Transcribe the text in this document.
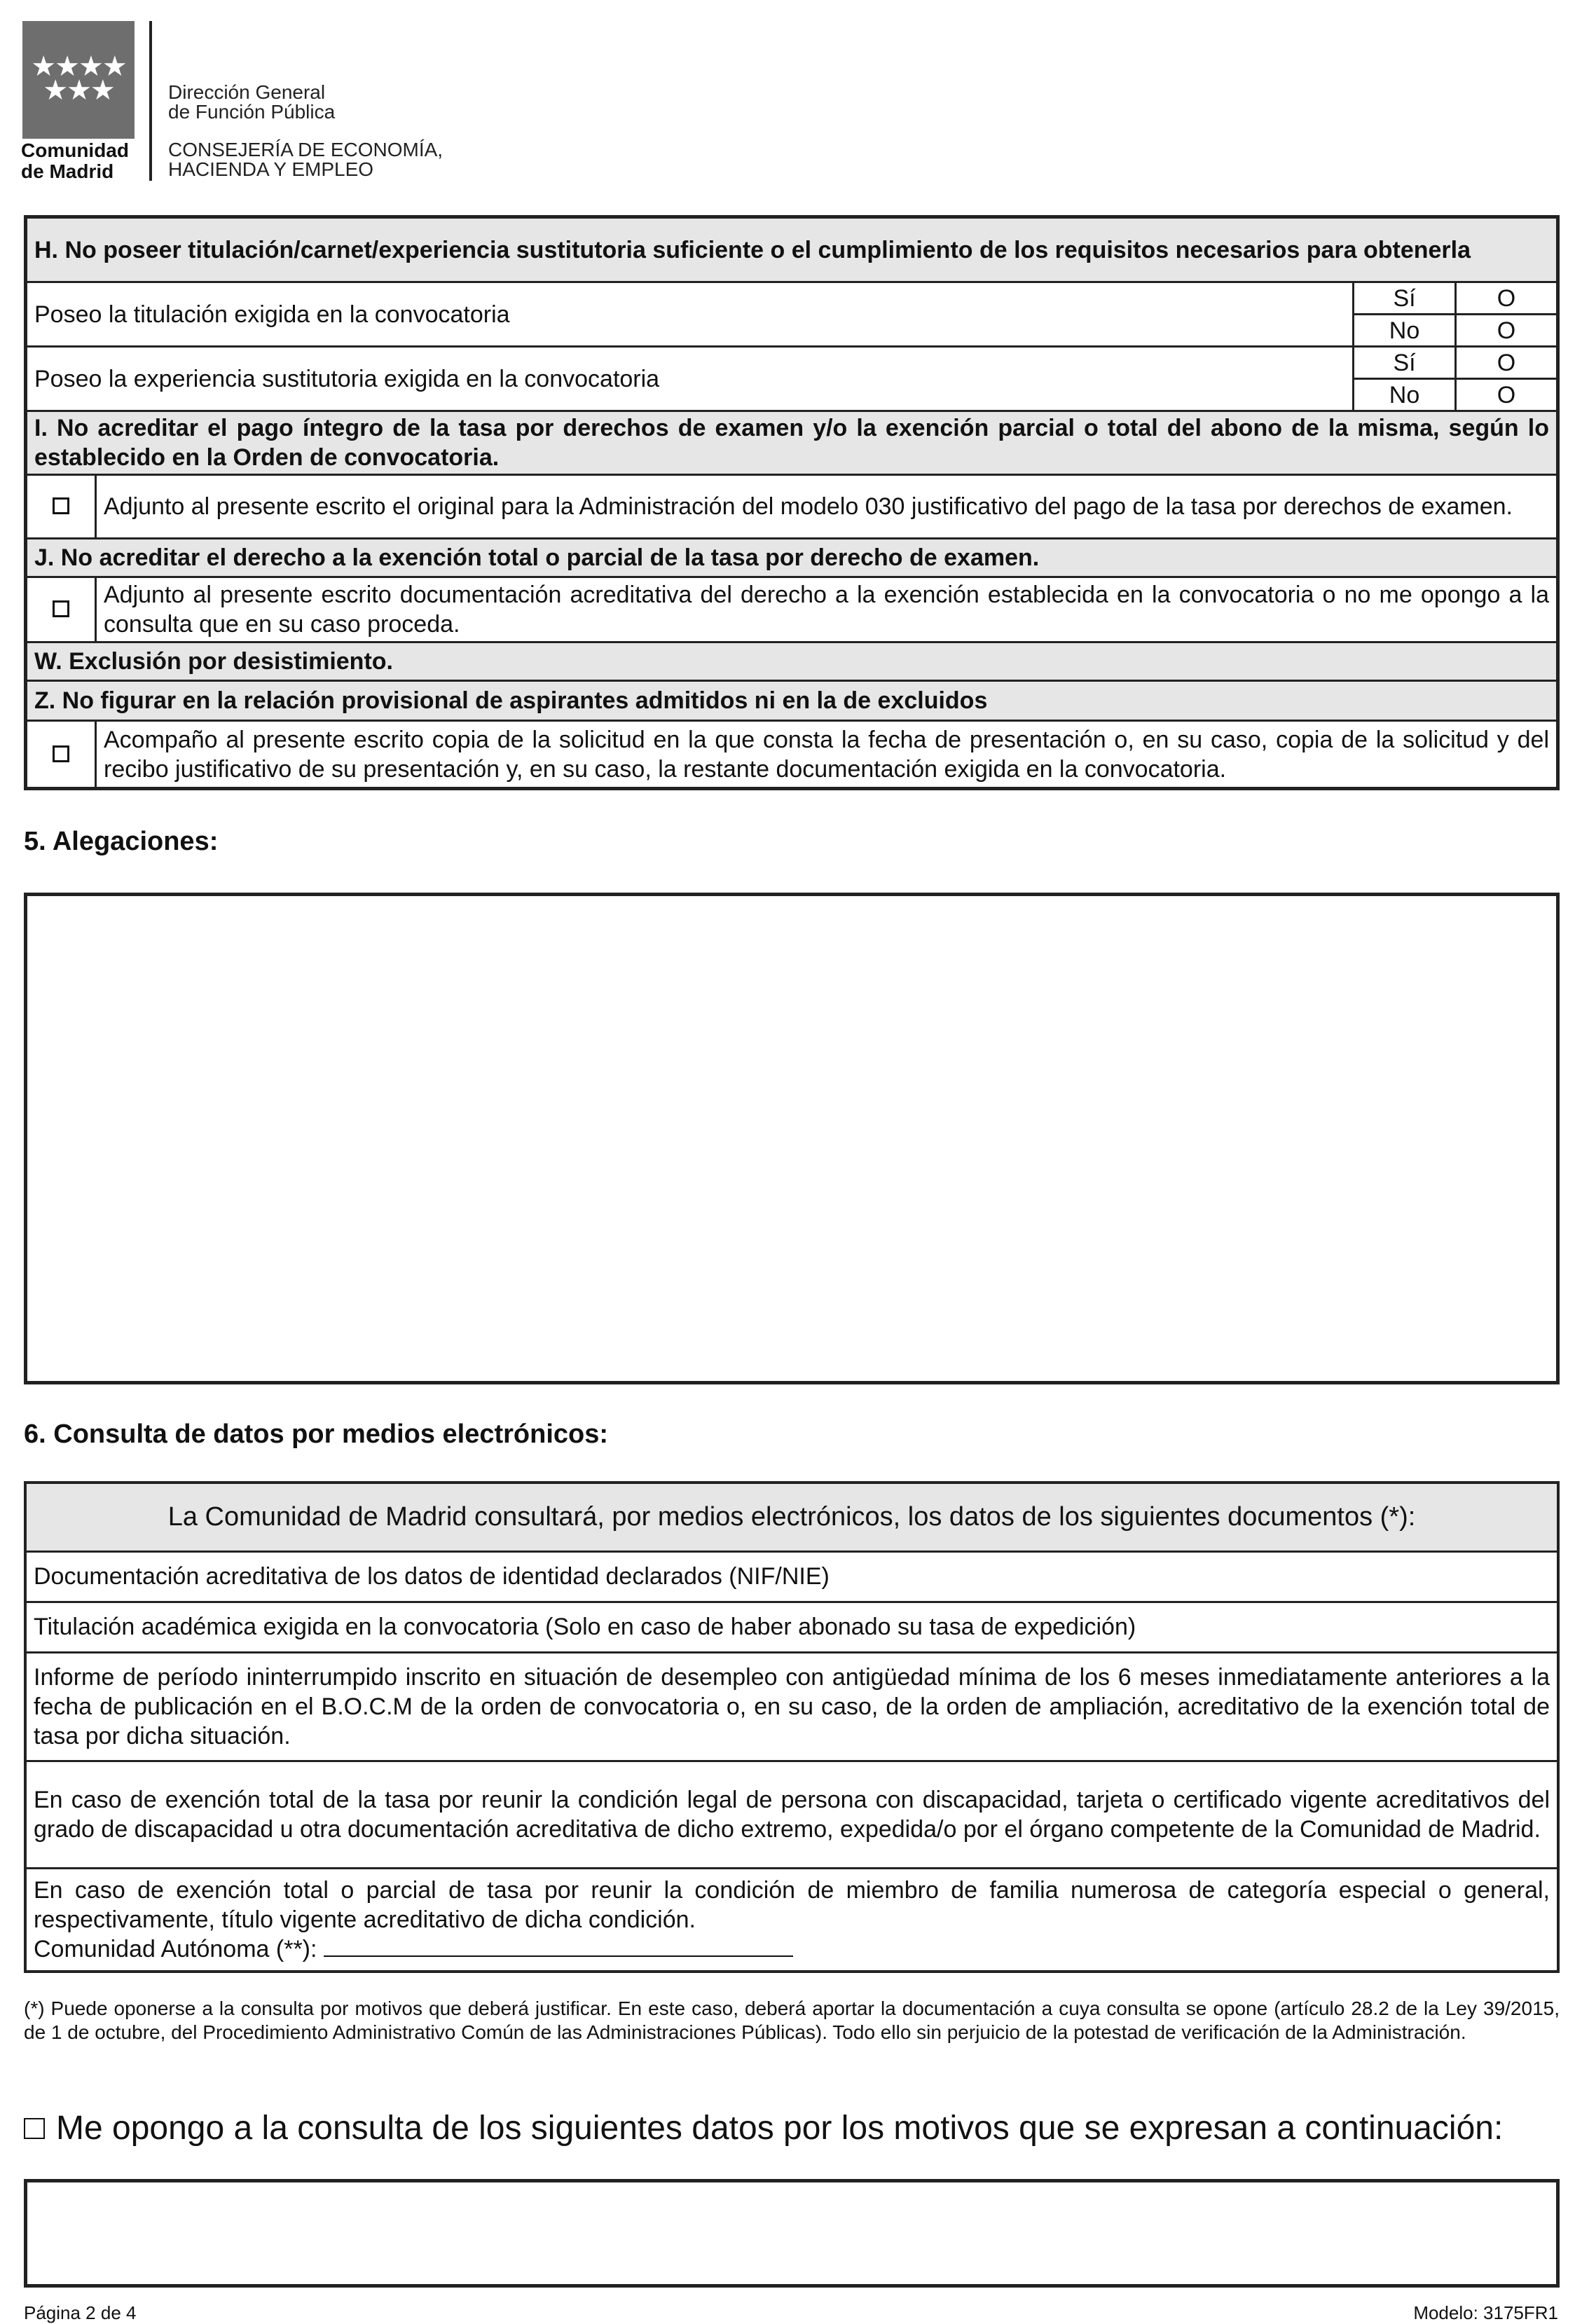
★★★★ ★★★
Comunidad
de Madrid
Dirección General
de Función Pública
CONSEJERÍA DE ECONOMÍA,
HACIENDA Y EMPLEO
H. No poseer titulación/carnet/experiencia sustitutoria suficiente o el cumplimiento de los requisitos necesarios para obtenerla			
Poseo la titulación exigida en la convocatoria		Sí	O
		No	O
Poseo la experiencia sustitutoria exigida en la convocatoria		Sí	O
		No	O
I. No acreditar el pago íntegro de la tasa por derechos de examen y/o la exención parcial o total del abono de la misma, según lo establecido en la Orden de convocatoria.			
	Adjunto al presente escrito el original para la Administración del modelo 030 justificativo del pago de la tasa por derechos de examen.		
J. No acreditar el derecho a la exención total o parcial de la tasa por derecho de examen.			
	Adjunto al presente escrito documentación acreditativa del derecho a la exención establecida en la convocatoria o no me opongo a la consulta que en su caso proceda.		
W. Exclusión por desistimiento.			
Z. No figurar en la relación provisional de aspirantes admitidos ni en la de excluidos			
	Acompaño al presente escrito copia de la solicitud en la que consta la fecha de presentación o, en su caso, copia de la solicitud y del recibo justificativo de su presentación y, en su caso, la restante documentación exigida en la convocatoria.		
5. Alegaciones:
6. Consulta de datos por medios electrónicos:
La Comunidad de Madrid consultará, por medios electrónicos, los datos de los siguientes documentos (*):
Documentación acreditativa de los datos de identidad declarados (NIF/NIE)
Titulación académica exigida en la convocatoria (Solo en caso de haber abonado su tasa de expedición)
Informe de período ininterrumpido inscrito en situación de desempleo con antigüedad mínima de los 6 meses inmediatamente anteriores a la fecha de publicación en el B.O.C.M de la orden de convocatoria o, en su caso, de la orden de ampliación, acreditativo de la exención total de tasa por dicha situación.
En caso de exención total de la tasa por reunir la condición legal de persona con discapacidad, tarjeta o certificado vigente acreditativos del grado de discapacidad u otra documentación acreditativa de dicho extremo, expedida/o por el órgano competente de la Comunidad de Madrid.

En caso de exención total o parcial de tasa por reunir la condición de miembro de familia numerosa de categoría especial o general, respectivamente, título vigente acreditativo de dicha condición.
Comunidad Autónoma (**):
(*) Puede oponerse a la consulta por motivos que deberá justificar. En este caso, deberá aportar la documentación a cuya consulta se opone (artículo 28.2 de la Ley 39/2015, de 1 de octubre, del Procedimiento Administrativo Común de las Administraciones Públicas). Todo ello sin perjuicio de la potestad de verificación de la Administración.
Me opongo a la consulta de los siguientes datos por los motivos que se expresan a continuación:
Página 2 de 4	Modelo: 3175FR1
